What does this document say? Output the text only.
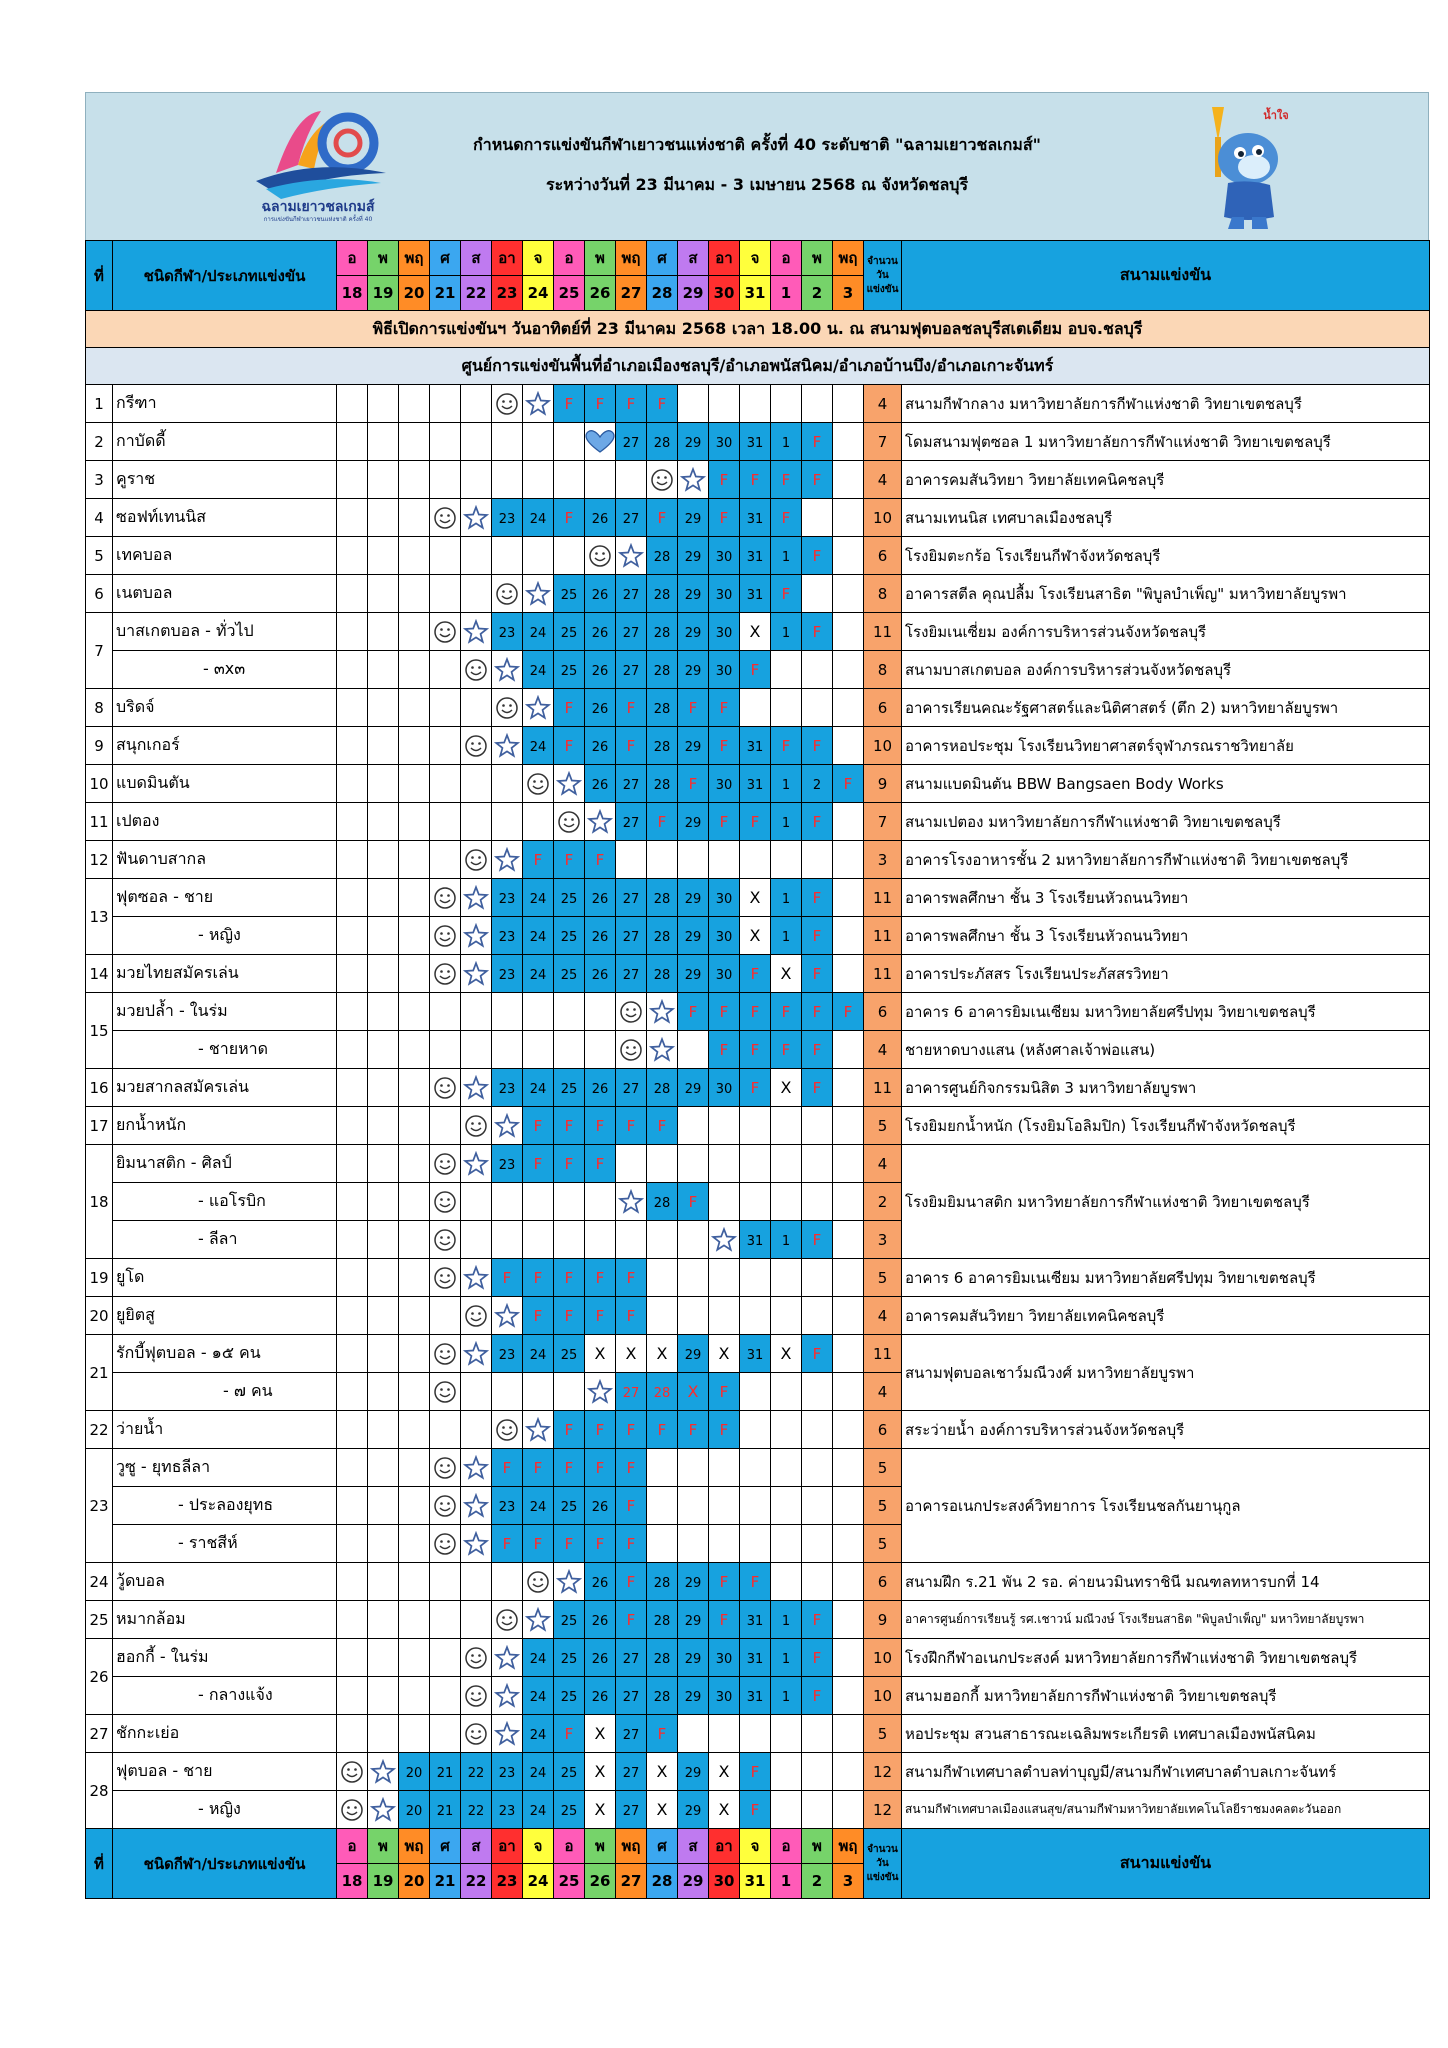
ฉลามเยาวชลเกมส์
การแข่งขันกีฬาเยาวชนแห่งชาติ ครั้งที่ 40
กำหนดการแข่งขันกีฬาเยาวชนแห่งชาติ ครั้งที่ 40 ระดับชาติ "ฉลามเยาวชลเกมส์"
ระหว่างวันที่ 23 มีนาคม - 3 เมษายน 2568 ณ จังหวัดชลบุรี
น้ำใจ
ที่	ชนิดกีฬา/ประเภทแข่งขัน	อ	พ	พฤ	ศ	ส	อา	จ	อ	พ	พฤ	ศ	ส	อา	จ	อ	พ	พฤ	จำนวน วัน แข่งขัน	สนามแข่งขัน
		18	19	20	21	22	23	24	25	26	27	28	29	30	31	1	2	3		
พิธีเปิดการแข่งขันฯ วันอาทิตย์ที่ 23 มีนาคม 2568 เวลา 18.00 น. ณ สนามฟุตบอลชลบุรีสเตเดียม อบจ.ชลบุรี																				
ศูนย์การแข่งขันพื้นที่อำเภอเมืองชลบุรี/อำเภอพนัสนิคม/อำเภอบ้านบึง/อำเภอเกาะจันทร์																				
1	กรีฑา								F	F	F	F							4	สนามกีฬากลาง มหาวิทยาลัยการกีฬาแห่งชาติ วิทยาเขตชลบุรี
2	กาบัดดี้										27	28	29	30	31	1	F		7	โดมสนามฟุตซอล 1 มหาวิทยาลัยการกีฬาแห่งชาติ วิทยาเขตชลบุรี
3	คูราช													F	F	F	F		4	อาคารคมสันวิทยา วิทยาลัยเทคนิคชลบุรี
4	ซอฟท์เทนนิส						23	24	F	26	27	F	29	F	31	F			10	สนามเทนนิส เทศบาลเมืองชลบุรี
5	เทคบอล											28	29	30	31	1	F		6	โรงยิมตะกร้อ โรงเรียนกีฬาจังหวัดชลบุรี
6	เนตบอล								25	26	27	28	29	30	31	F			8	อาคารสตีล คุณปลื้ม โรงเรียนสาธิต "พิบูลบำเพ็ญ" มหาวิทยาลัยบูรพา
7	บาสเกตบอล - ทั่วไป						23	24	25	26	27	28	29	30	X	1	F		11	โรงยิมเนเซี่ยม องค์การบริหารส่วนจังหวัดชลบุรี
	- ๓x๓							24	25	26	27	28	29	30	F				8	สนามบาสเกตบอล องค์การบริหารส่วนจังหวัดชลบุรี
8	บริดจ์								F	26	F	28	F	F					6	อาคารเรียนคณะรัฐศาสตร์และนิติศาสตร์ (ตึก 2) มหาวิทยาลัยบูรพา
9	สนุกเกอร์							24	F	26	F	28	29	F	31	F	F		10	อาคารหอประชุม โรงเรียนวิทยาศาสตร์จุฬาภรณราชวิทยาลัย
10	แบดมินตัน									26	27	28	F	30	31	1	2	F	9	สนามแบดมินตัน BBW Bangsaen Body Works
11	เปตอง										27	F	29	F	F	1	F		7	สนามเปตอง มหาวิทยาลัยการกีฬาแห่งชาติ วิทยาเขตชลบุรี
12	ฟันดาบสากล							F	F	F									3	อาคารโรงอาหารชั้น 2 มหาวิทยาลัยการกีฬาแห่งชาติ วิทยาเขตชลบุรี
13	ฟุตซอล - ชาย						23	24	25	26	27	28	29	30	X	1	F		11	อาคารพลศึกษา ชั้น 3 โรงเรียนหัวถนนวิทยา
	- หญิง						23	24	25	26	27	28	29	30	X	1	F		11	อาคารพลศึกษา ชั้น 3 โรงเรียนหัวถนนวิทยา
14	มวยไทยสมัครเล่น						23	24	25	26	27	28	29	30	F	X	F		11	อาคารประภัสสร โรงเรียนประภัสสรวิทยา
15	มวยปล้ำ - ในร่ม												F	F	F	F	F	F	6	อาคาร 6 อาคารยิมเนเซียม มหาวิทยาลัยศรีปทุม วิทยาเขตชลบุรี
	- ชายหาด													F	F	F	F		4	ชายหาดบางแสน (หลังศาลเจ้าพ่อแสน)
16	มวยสากลสมัครเล่น						23	24	25	26	27	28	29	30	F	X	F		11	อาคารศูนย์กิจกรรมนิสิต 3 มหาวิทยาลัยบูรพา
17	ยกน้ำหนัก							F	F	F	F	F							5	โรงยิมยกน้ำหนัก (โรงยิมโอลิมปิก) โรงเรียนกีฬาจังหวัดชลบุรี
18	ยิมนาสติก - ศิลป์						23	F	F	F									4	โรงยิมยิมนาสติก มหาวิทยาลัยการกีฬาแห่งชาติ วิทยาเขตชลบุรี
	- แอโรบิก											28	F						2	
	- ลีลา														31	1	F		3	
19	ยูโด						F	F	F	F	F								5	อาคาร 6 อาคารยิมเนเซียม มหาวิทยาลัยศรีปทุม วิทยาเขตชลบุรี
20	ยูยิตสู							F	F	F	F								4	อาคารคมสันวิทยา วิทยาลัยเทคนิคชลบุรี
21	รักบี้ฟุตบอล - ๑๕ คน						23	24	25	X	X	X	29	X	31	X	F		11	สนามฟุตบอลเชาว์มณีวงศ์ มหาวิทยาลัยบูรพา
	- ๗ คน										27	28	X	F					4	
22	ว่ายน้ำ								F	F	F	F	F	F					6	สระว่ายน้ำ องค์การบริหารส่วนจังหวัดชลบุรี
23	วูซู - ยุทธลีลา						F	F	F	F	F								5	อาคารอเนกประสงค์วิทยาการ โรงเรียนชลกันยานุกูล
	- ประลองยุทธ						23	24	25	26	F								5	
	- ราชสีห์						F	F	F	F	F								5	
24	วู้ดบอล									26	F	28	29	F	F				6	สนามฝึก ร.21 พัน 2 รอ. ค่ายนวมินทราชินี มณฑลทหารบกที่ 14
25	หมากล้อม								25	26	F	28	29	F	31	1	F		9	อาคารศูนย์การเรียนรู้ รศ.เชาวน์ มณีวงษ์ โรงเรียนสาธิต "พิบูลบำเพ็ญ" มหาวิทยาลัยบูรพา
26	ฮอกกี้ - ในร่ม							24	25	26	27	28	29	30	31	1	F		10	โรงฝึกกีฬาอเนกประสงค์ มหาวิทยาลัยการกีฬาแห่งชาติ วิทยาเขตชลบุรี
	- กลางแจ้ง							24	25	26	27	28	29	30	31	1	F		10	สนามฮอกกี้ มหาวิทยาลัยการกีฬาแห่งชาติ วิทยาเขตชลบุรี
27	ชักกะเย่อ							24	F	X	27	F							5	หอประชุม สวนสาธารณะเฉลิมพระเกียรติ เทศบาลเมืองพนัสนิคม
28	ฟุตบอล - ชาย			20	21	22	23	24	25	X	27	X	29	X	F				12	สนามกีฬาเทศบาลตำบลท่าบุญมี/สนามกีฬาเทศบาลตำบลเกาะจันทร์
	- หญิง			20	21	22	23	24	25	X	27	X	29	X	F				12	สนามกีฬาเทศบาลเมืองแสนสุข/สนามกีฬามหาวิทยาลัยเทคโนโลยีราชมงคลตะวันออก
ที่	ชนิดกีฬา/ประเภทแข่งขัน	อ	พ	พฤ	ศ	ส	อา	จ	อ	พ	พฤ	ศ	ส	อา	จ	อ	พ	พฤ	จำนวน วัน แข่งขัน	สนามแข่งขัน
		18	19	20	21	22	23	24	25	26	27	28	29	30	31	1	2	3		
